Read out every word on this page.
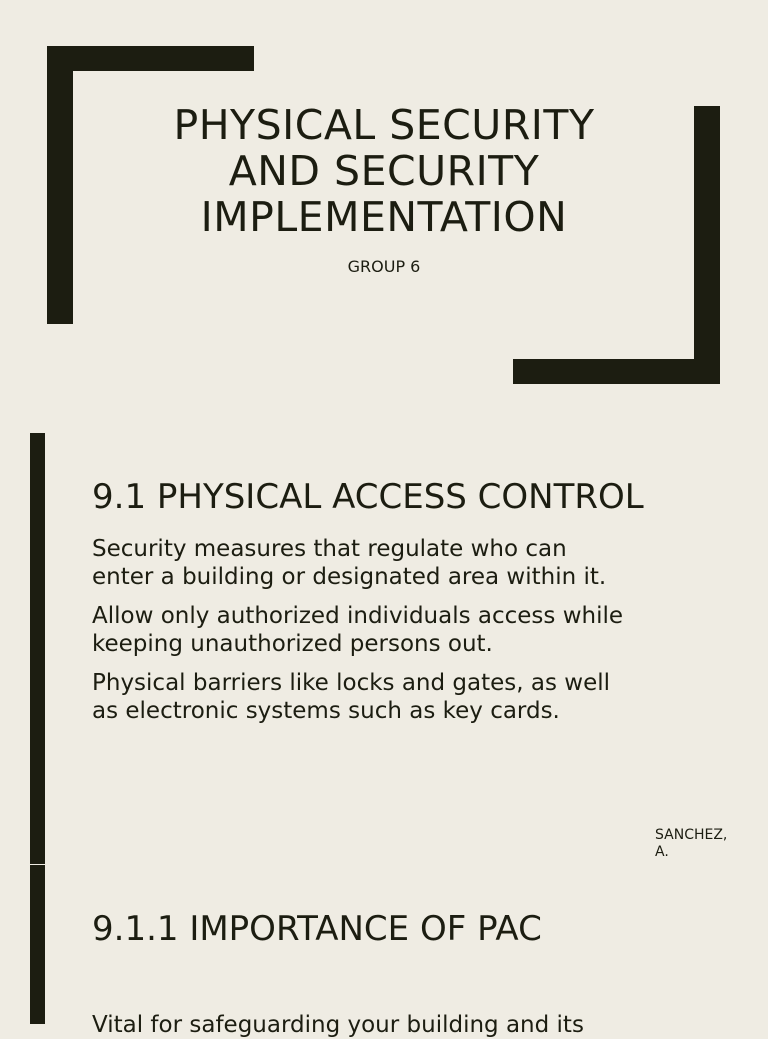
PHYSICAL SECURITY
AND SECURITY
IMPLEMENTATION

GROUP 6

9.1 PHYSICAL ACCESS CONTROL
Security measures that regulate who can
enter a building or designated area within it.
Allow only authorized individuals access while
keeping unauthorized persons out.
Physical barriers like locks and gates, as well
as electronic systems such as key cards.
SANCHEZ,
A.
9.1.1 IMPORTANCE OF PAC

Vital for safeguarding your building and its
